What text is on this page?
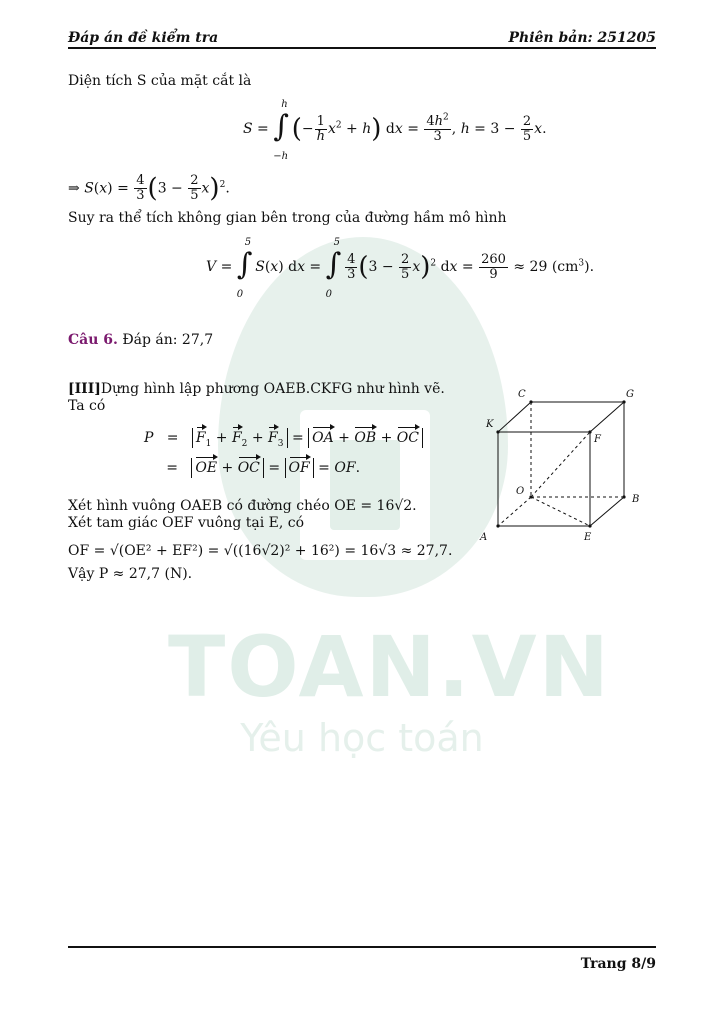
TOAN.VN
Yêu học toán
Đáp án đề kiểm tra	Phiên bản: 251205
Diện tích S của mặt cắt là
S = ∫
h
−h
(− $\frac{1}{h} x^2 + h$) dx = $\frac{4h^2}{3}$ , $h = 3 - \frac{2}{5} x$.
⇒ $S(x) = \frac{4}{3} (3 - \frac{2}{5} x)^2$.
Suy ra thể tích không gian bên trong của đường hầm mô hình
V = ∫
5
0
S(x) dx = ∫
5
0

$\frac{4}{3} (3 - \frac{2}{5} x)^2$ dx = $\frac{260}{9} \approx 29$ $(cm^3)$.
Câu 6. Đáp án: 27,7
[III]Dựng hình lập phương OAEB.CKFG như hình vẽ.
Ta có
$P = F_1 + F_2 + F_3$ = OA + OB + OC
=   OE + OC = OF = OF.
Xét hình vuông OAEB có đường chéo OE = 16√2.
Xét tam giác OEF vuông tại E, có
OF = √(OE² + EF²) = √((16√2)² + 16²) = 16√3 ≈ 27,7.
Vậy P ≈ 27,7 (N).
C	G
K
F
O
B
A	E
Trang 8/9
